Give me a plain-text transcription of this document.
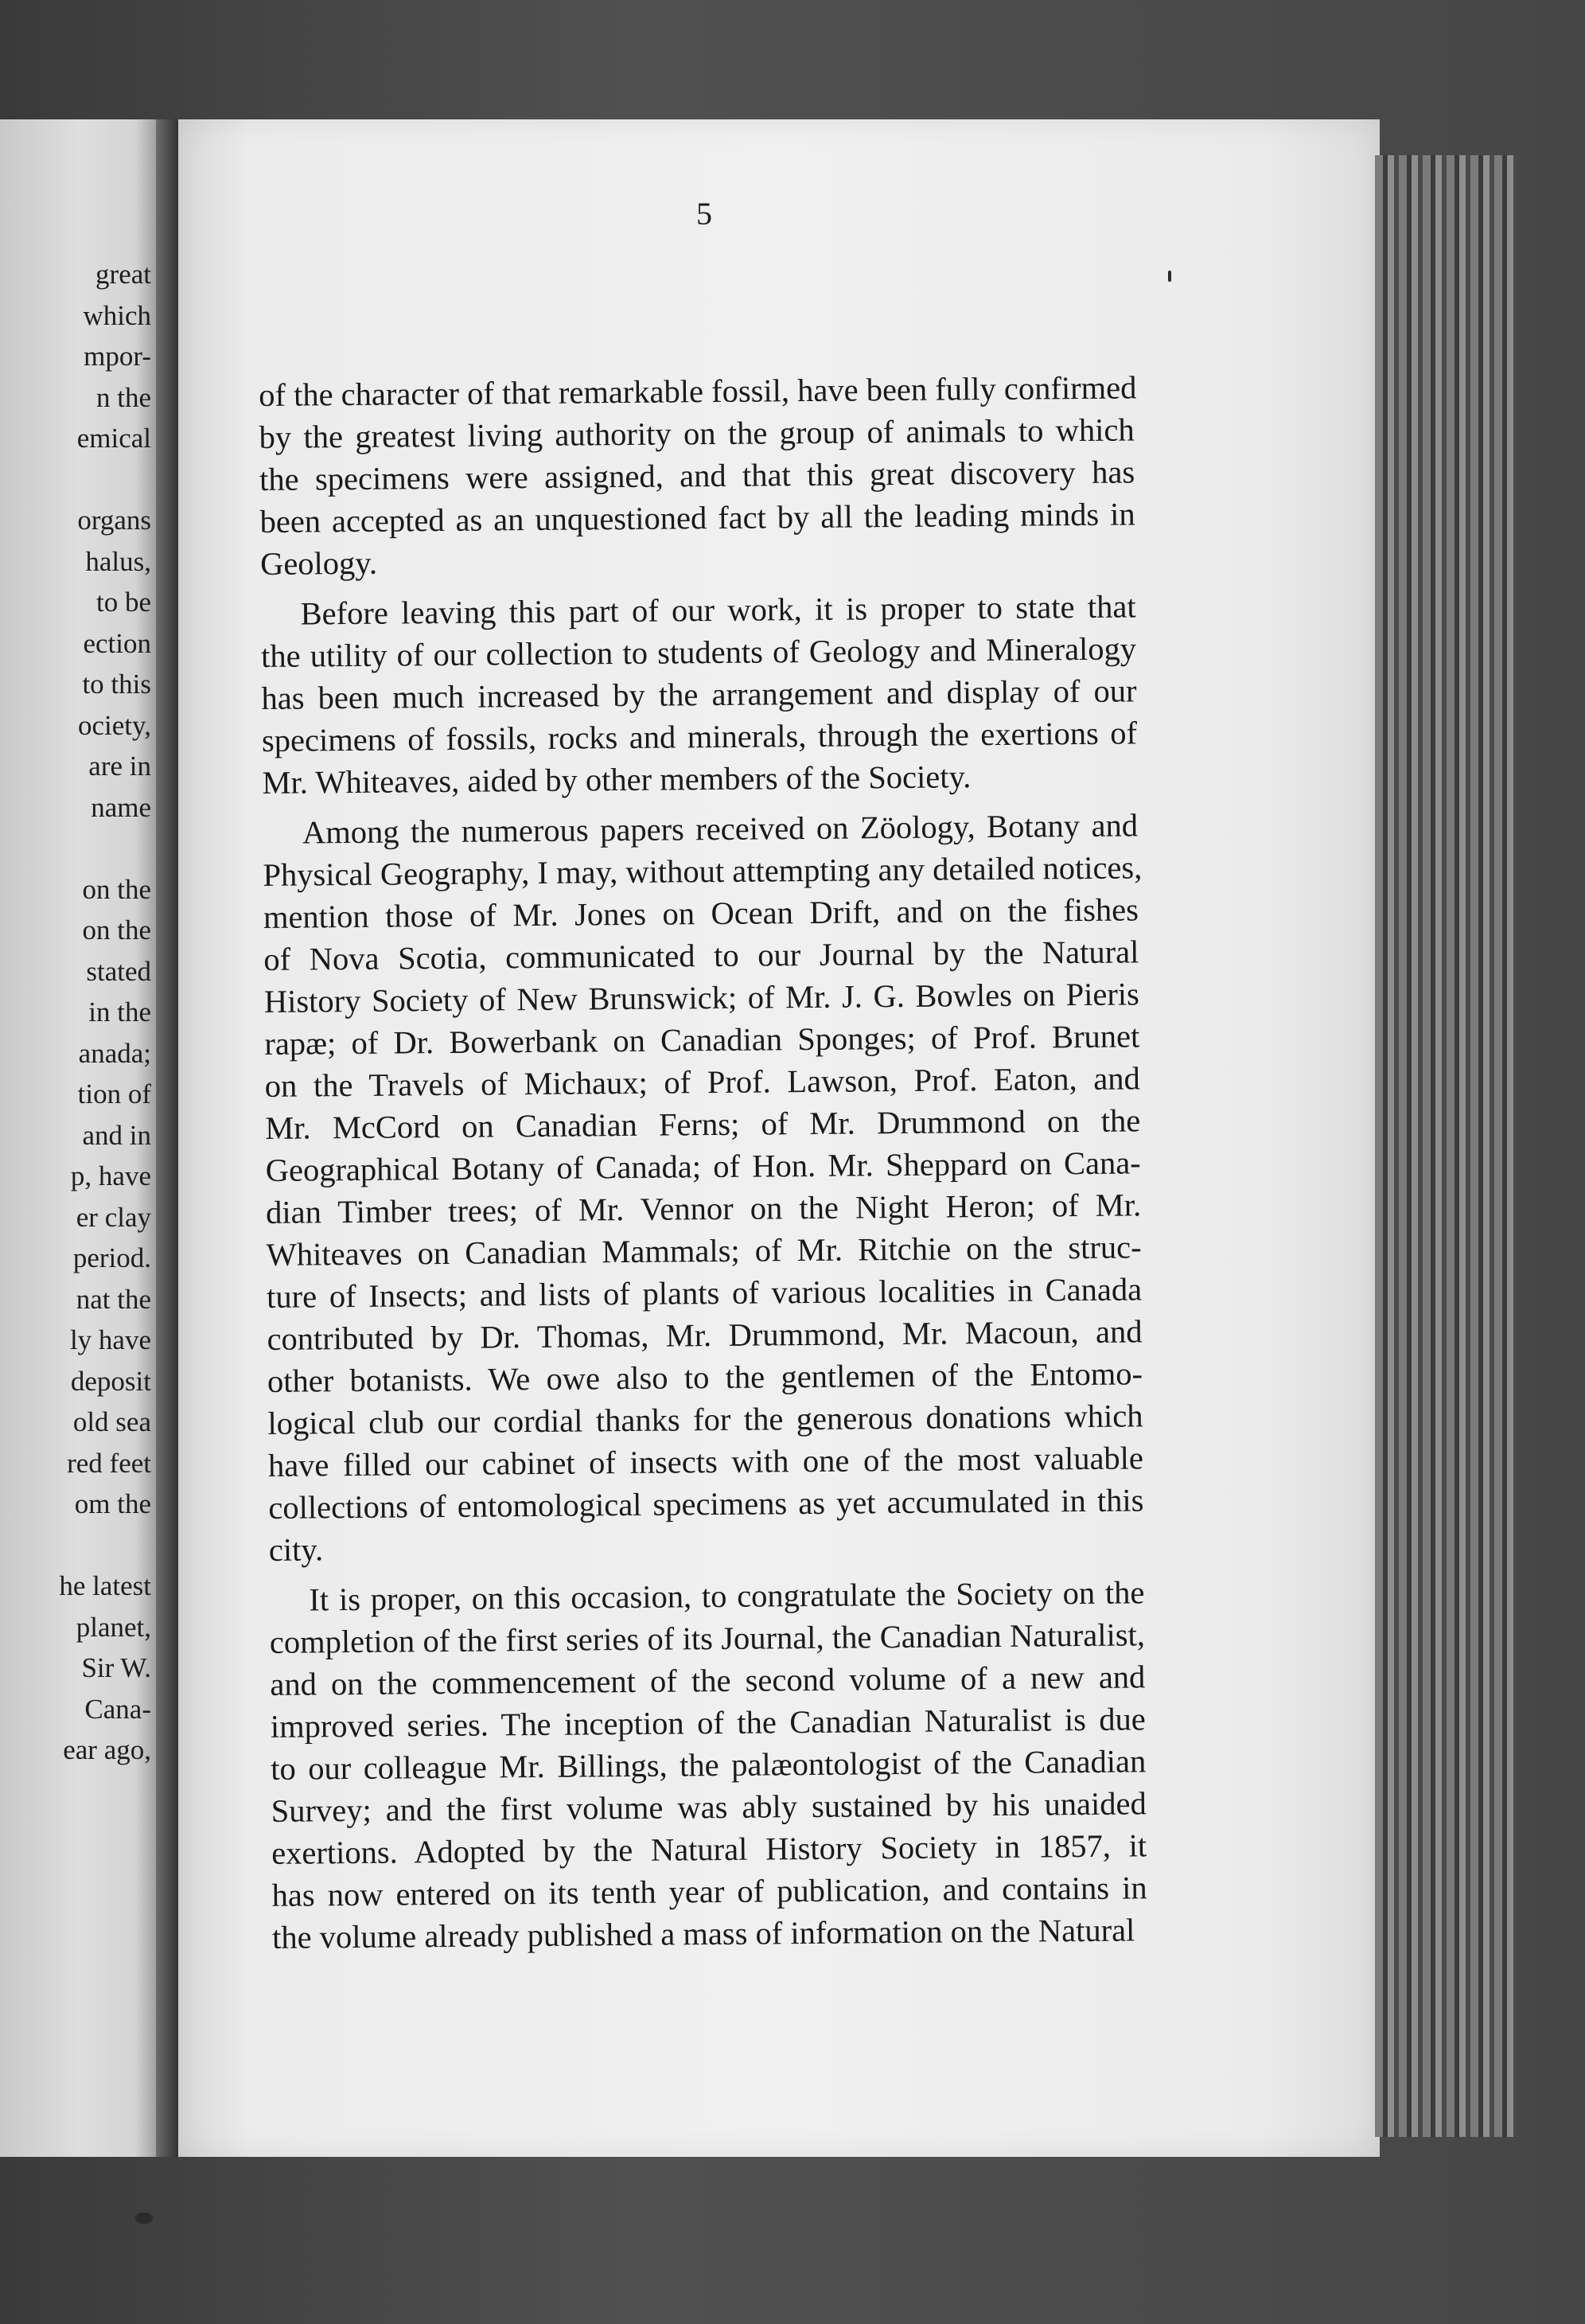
great
which
mpor-
n the
emical
organs
halus,
to be
ection
to this
ociety,
are in
name
on the
on the
stated
in the
anada;
tion of
and in
p, have
er clay
period.
nat the
ly have
deposit
old sea
red feet
om the
he latest
planet,
Sir W.
Cana-
ear ago,
5
of the character of that remarkable fossil, have been fully confirmed
by the greatest living authority on the group of animals to which
the specimens were assigned, and that this great discovery has
been accepted as an unquestioned fact by all the leading minds in
Geology.
Before leaving this part of our work, it is proper to state that
the utility of our collection to students of Geology and Mineralogy
has been much increased by the arrangement and display of our
specimens of fossils, rocks and minerals, through the exertions of
Mr. Whiteaves, aided by other members of the Society.
Among the numerous papers received on Zöology, Botany and
Physical Geography, I may, without attempting any detailed notices,
mention those of Mr. Jones on Ocean Drift, and on the fishes
of Nova Scotia, communicated to our Journal by the Natural
History Society of New Brunswick; of Mr. J. G. Bowles on Pieris
rapæ; of Dr. Bowerbank on Canadian Sponges; of Prof. Brunet
on the Travels of Michaux; of Prof. Lawson, Prof. Eaton, and
Mr. McCord on Canadian Ferns; of Mr. Drummond on the
Geographical Botany of Canada; of Hon. Mr. Sheppard on Cana-
dian Timber trees; of Mr. Vennor on the Night Heron; of Mr.
Whiteaves on Canadian Mammals; of Mr. Ritchie on the struc-
ture of Insects; and lists of plants of various localities in Canada
contributed by Dr. Thomas, Mr. Drummond, Mr. Macoun, and
other botanists. We owe also to the gentlemen of the Entomo-
logical club our cordial thanks for the generous donations which
have filled our cabinet of insects with one of the most valuable
collections of entomological specimens as yet accumulated in this
city.
It is proper, on this occasion, to congratulate the Society on the
completion of the first series of its Journal, the Canadian Naturalist,
and on the commencement of the second volume of a new and
improved series. The inception of the Canadian Naturalist is due
to our colleague Mr. Billings, the palæontologist of the Canadian
Survey; and the first volume was ably sustained by his unaided
exertions. Adopted by the Natural History Society in 1857, it
has now entered on its tenth year of publication, and contains in
the volume already published a mass of information on the Natural
